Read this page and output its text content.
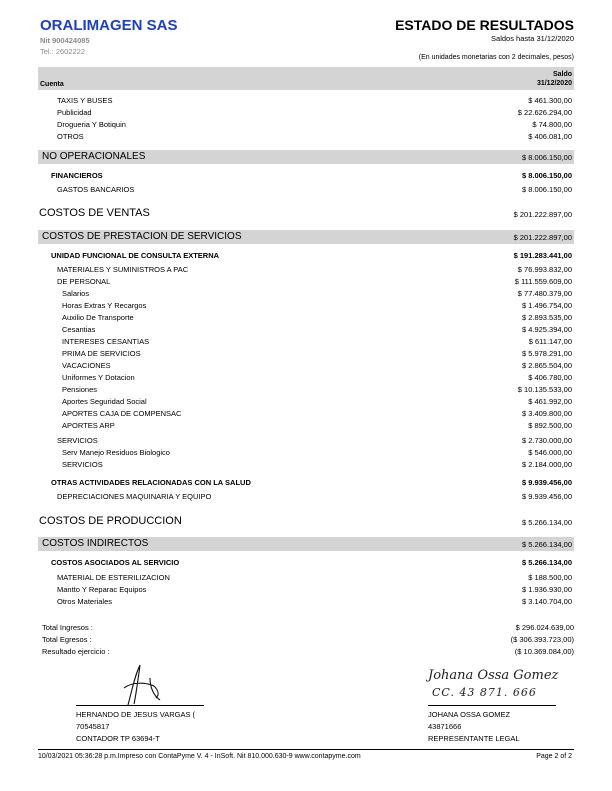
ORALIMAGEN SAS
Nit 900424085
Tel.: 2602222
ESTADO DE RESULTADOS
Saldos hasta 31/12/2020
(En unidades monetarias con 2 decimales, pesos)
Cuenta
Saldo
31/12/2020
TAXIS Y BUSES	$ 461.300,00
Publicidad	$ 22.626.294,00
Drogueria Y Botiquin	$ 74.800,00
OTROS	$ 406.081,00
NO OPERACIONALES	$ 8.006.150,00
FINANCIEROS	$ 8.006.150,00
GASTOS BANCARIOS	$ 8.006.150,00
COSTOS DE VENTAS	$ 201.222.897,00
COSTOS DE PRESTACION DE SERVICIOS	$ 201.222.897,00
UNIDAD FUNCIONAL DE CONSULTA EXTERNA	$ 191.283.441,00
MATERIALES Y SUMINISTROS A PAC	$ 76.993.832,00
DE PERSONAL	$ 111.559.609,00
Salarios	$ 77.480.379,00
Horas Extras Y Recargos	$ 1.496.754,00
Auxilio De Transporte	$ 2.893.535,00
Cesantias	$ 4.925.394,00
INTERESES CESANTIAS	$ 611.147,00
PRIMA DE SERVICIOS	$ 5.978.291,00
VACACIONES	$ 2.865.504,00
Uniformes Y Dotacion	$ 406.780,00
Pensiones	$ 10.135.533,00
Aportes Seguridad Social	$ 461.992,00
APORTES CAJA DE COMPENSAC	$ 3.409.800,00
APORTES ARP	$ 892.500,00
SERVICIOS	$ 2.730.000,00
Serv Manejo Residuos Biologico	$ 546.000,00
SERVICIOS	$ 2.184.000,00
OTRAS ACTIVIDADES RELACIONADAS CON LA SALUD	$ 9.939.456,00
DEPRECIACIONES MAQUINARIA Y EQUIPO	$ 9.939.456,00
COSTOS DE PRODUCCION	$ 5.266.134,00
COSTOS INDIRECTOS	$ 5.266.134,00
COSTOS ASOCIADOS AL SERVICIO	$ 5.266.134,00
MATERIAL DE ESTERILIZACION	$ 188.500,00
Mantto Y Reparac Equipos	$ 1.936.930,00
Otros Materiales	$ 3.140.704,00
Total Ingresos :	$ 296.024.639,00
Total Egresos :	($ 306.393.723,00)
Resultado ejercicio :	($ 10.369.084,00)
HERNANDO DE JESUS VARGAS (
70545817
CONTADOR TP 63694-T
Johana Ossa Gomez
CC. 43 871. 666
JOHANA OSSA GOMEZ
43871666
REPRESENTANTE LEGAL
10/03/2021 05:36:28 p.m.Impreso con ContaPyme V. 4 - InSoft. Nit 810.000.630-9 www.contapyme.com	Page 2 of 2
